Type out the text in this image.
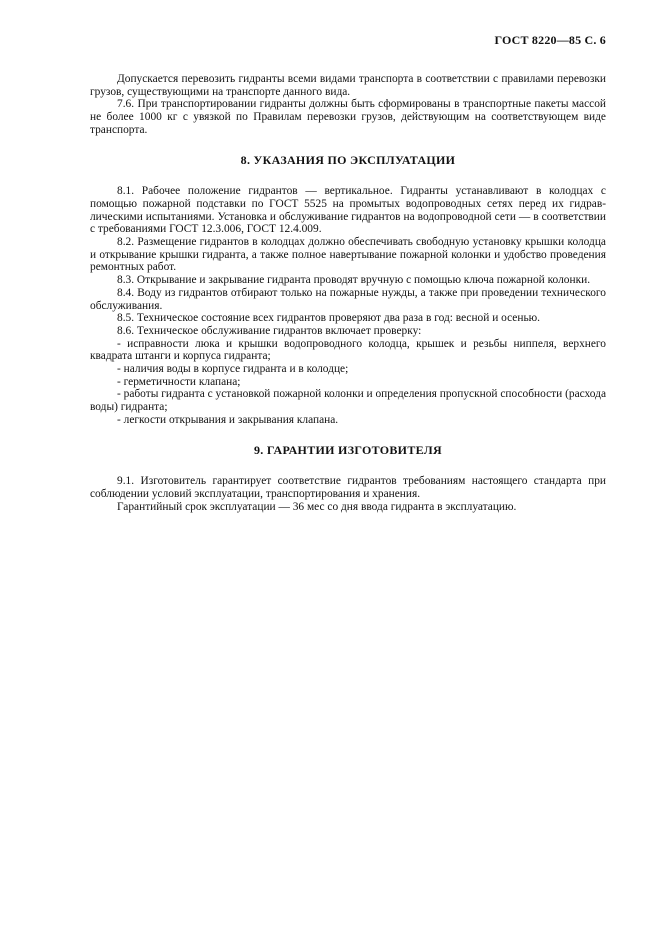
ГОСТ 8220—85 С. 6

Допускается перевозить гидранты всеми видами транспорта в соответствии с правилами перевозки грузов, существующими на транспорте данного вида.

7.6. При транспортировании гидранты должны быть сформированы в транспортные пакеты массой не более 1000 кг с увязкой по Правилам перевозки грузов, действующим на соответствующем виде транспорта.

8. УКАЗАНИЯ ПО ЭКСПЛУАТАЦИИ

8.1. Рабочее положение гидрантов — вертикальное. Гидранты устанавливают в колодцах с помощью пожарной подставки по ГОСТ 5525 на промытых водопроводных сетях перед их гидравлическими испытаниями. Установка и обслуживание гидрантов на водопроводной сети — в соответствии с требованиями ГОСТ 12.3.006, ГОСТ 12.4.009.

8.2. Размещение гидрантов в колодцах должно обеспечивать свободную установку крышки колодца и открывание крышки гидранта, а также полное навертывание пожарной колонки и удобство проведения ремонтных работ.

8.3. Открывание и закрывание гидранта проводят вручную с помощью ключа пожарной колонки.

8.4. Воду из гидрантов отбирают только на пожарные нужды, а также при проведении технического обслуживания.

8.5. Техническое состояние всех гидрантов проверяют два раза в год: весной и осенью.

8.6. Техническое обслуживание гидрантов включает проверку:

- исправности люка и крышки водопроводного колодца, крышек и резьбы ниппеля, верхнего квадрата штанги и корпуса гидранта;

- наличия воды в корпусе гидранта и в колодце;

- герметичности клапана;

- работы гидранта с установкой пожарной колонки и определения пропускной способности (расхода воды) гидранта;

- легкости открывания и закрывания клапана.

9. ГАРАНТИИ ИЗГОТОВИТЕЛЯ

9.1. Изготовитель гарантирует соответствие гидрантов требованиям настоящего стандарта при соблюдении условий эксплуатации, транспортирования и хранения.

Гарантийный срок эксплуатации — 36 мес со дня ввода гидранта в эксплуатацию.
